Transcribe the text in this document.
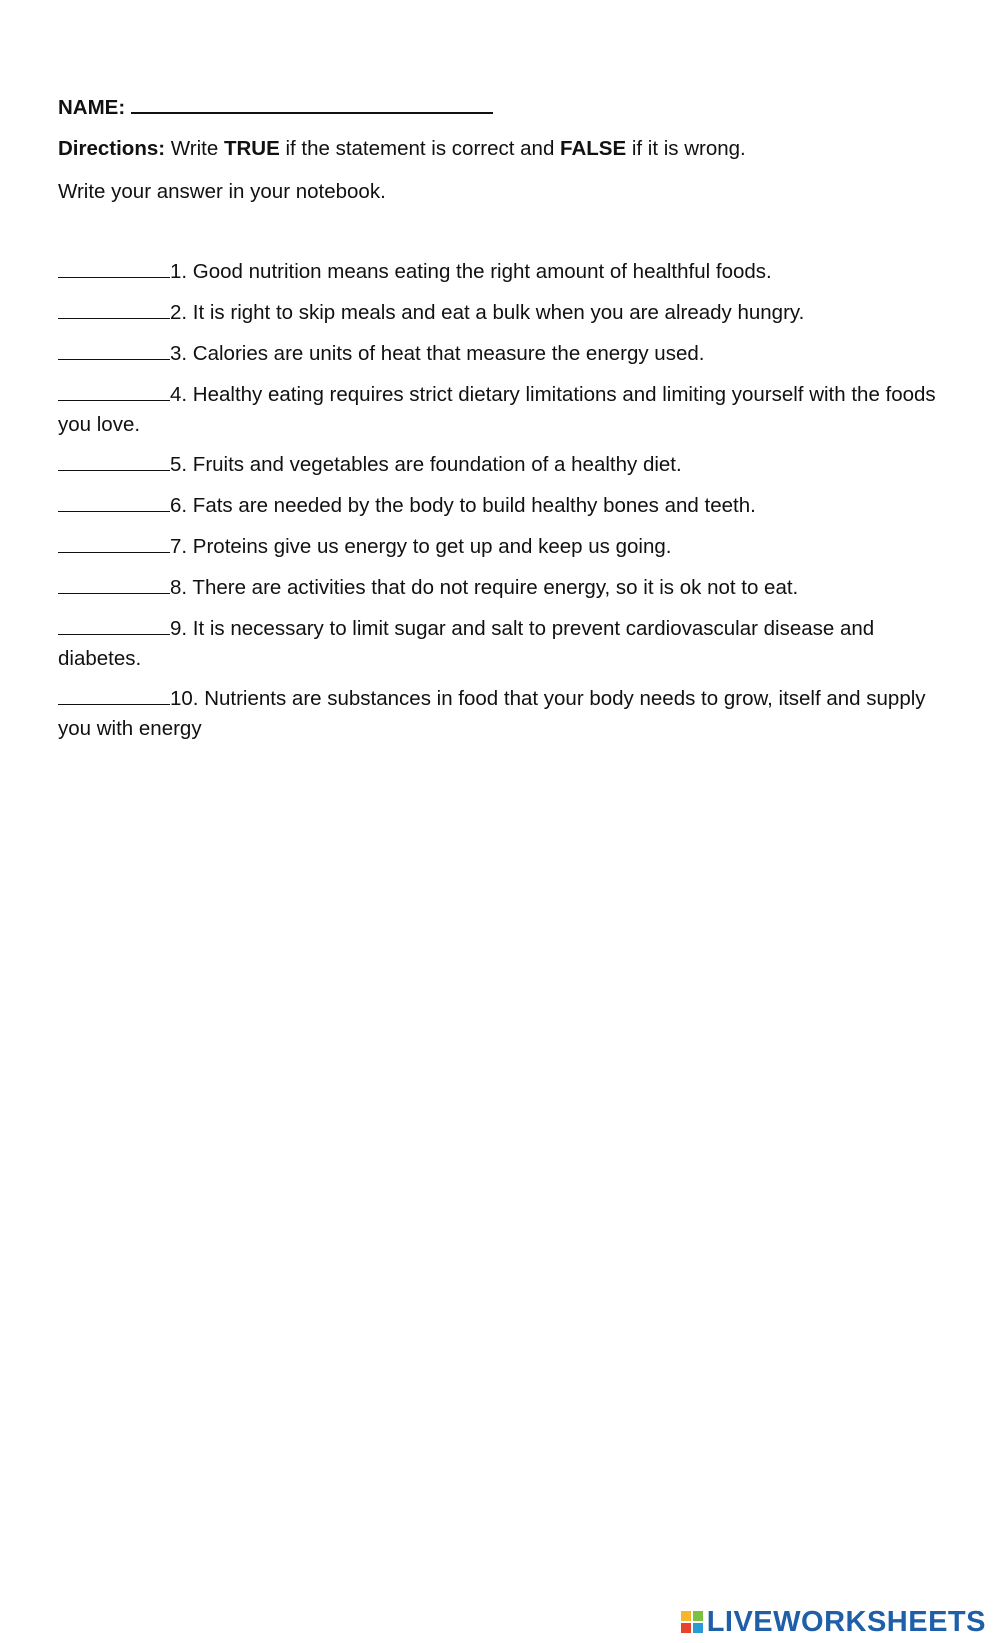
NAME:
Directions: Write TRUE if the statement is correct and FALSE if it is wrong.
Write your answer in your notebook.
1. Good nutrition means eating the right amount of healthful foods.
2. It is right to skip meals and eat a bulk when you are already hungry.
3. Calories are units of heat that measure the energy used.
4. Healthy eating requires strict dietary limitations and limiting yourself with the foods you love.
5. Fruits and vegetables are foundation of a healthy diet.
6. Fats are needed by the body to build healthy bones and teeth.
7. Proteins give us energy to get up and keep us going.
8. There are activities that do not require energy, so it is ok not to eat.
9. It is necessary to limit sugar and salt to prevent cardiovascular disease and diabetes.
10. Nutrients are substances in food that your body needs to grow, itself and supply you with energy
LIVEWORKSHEETS
